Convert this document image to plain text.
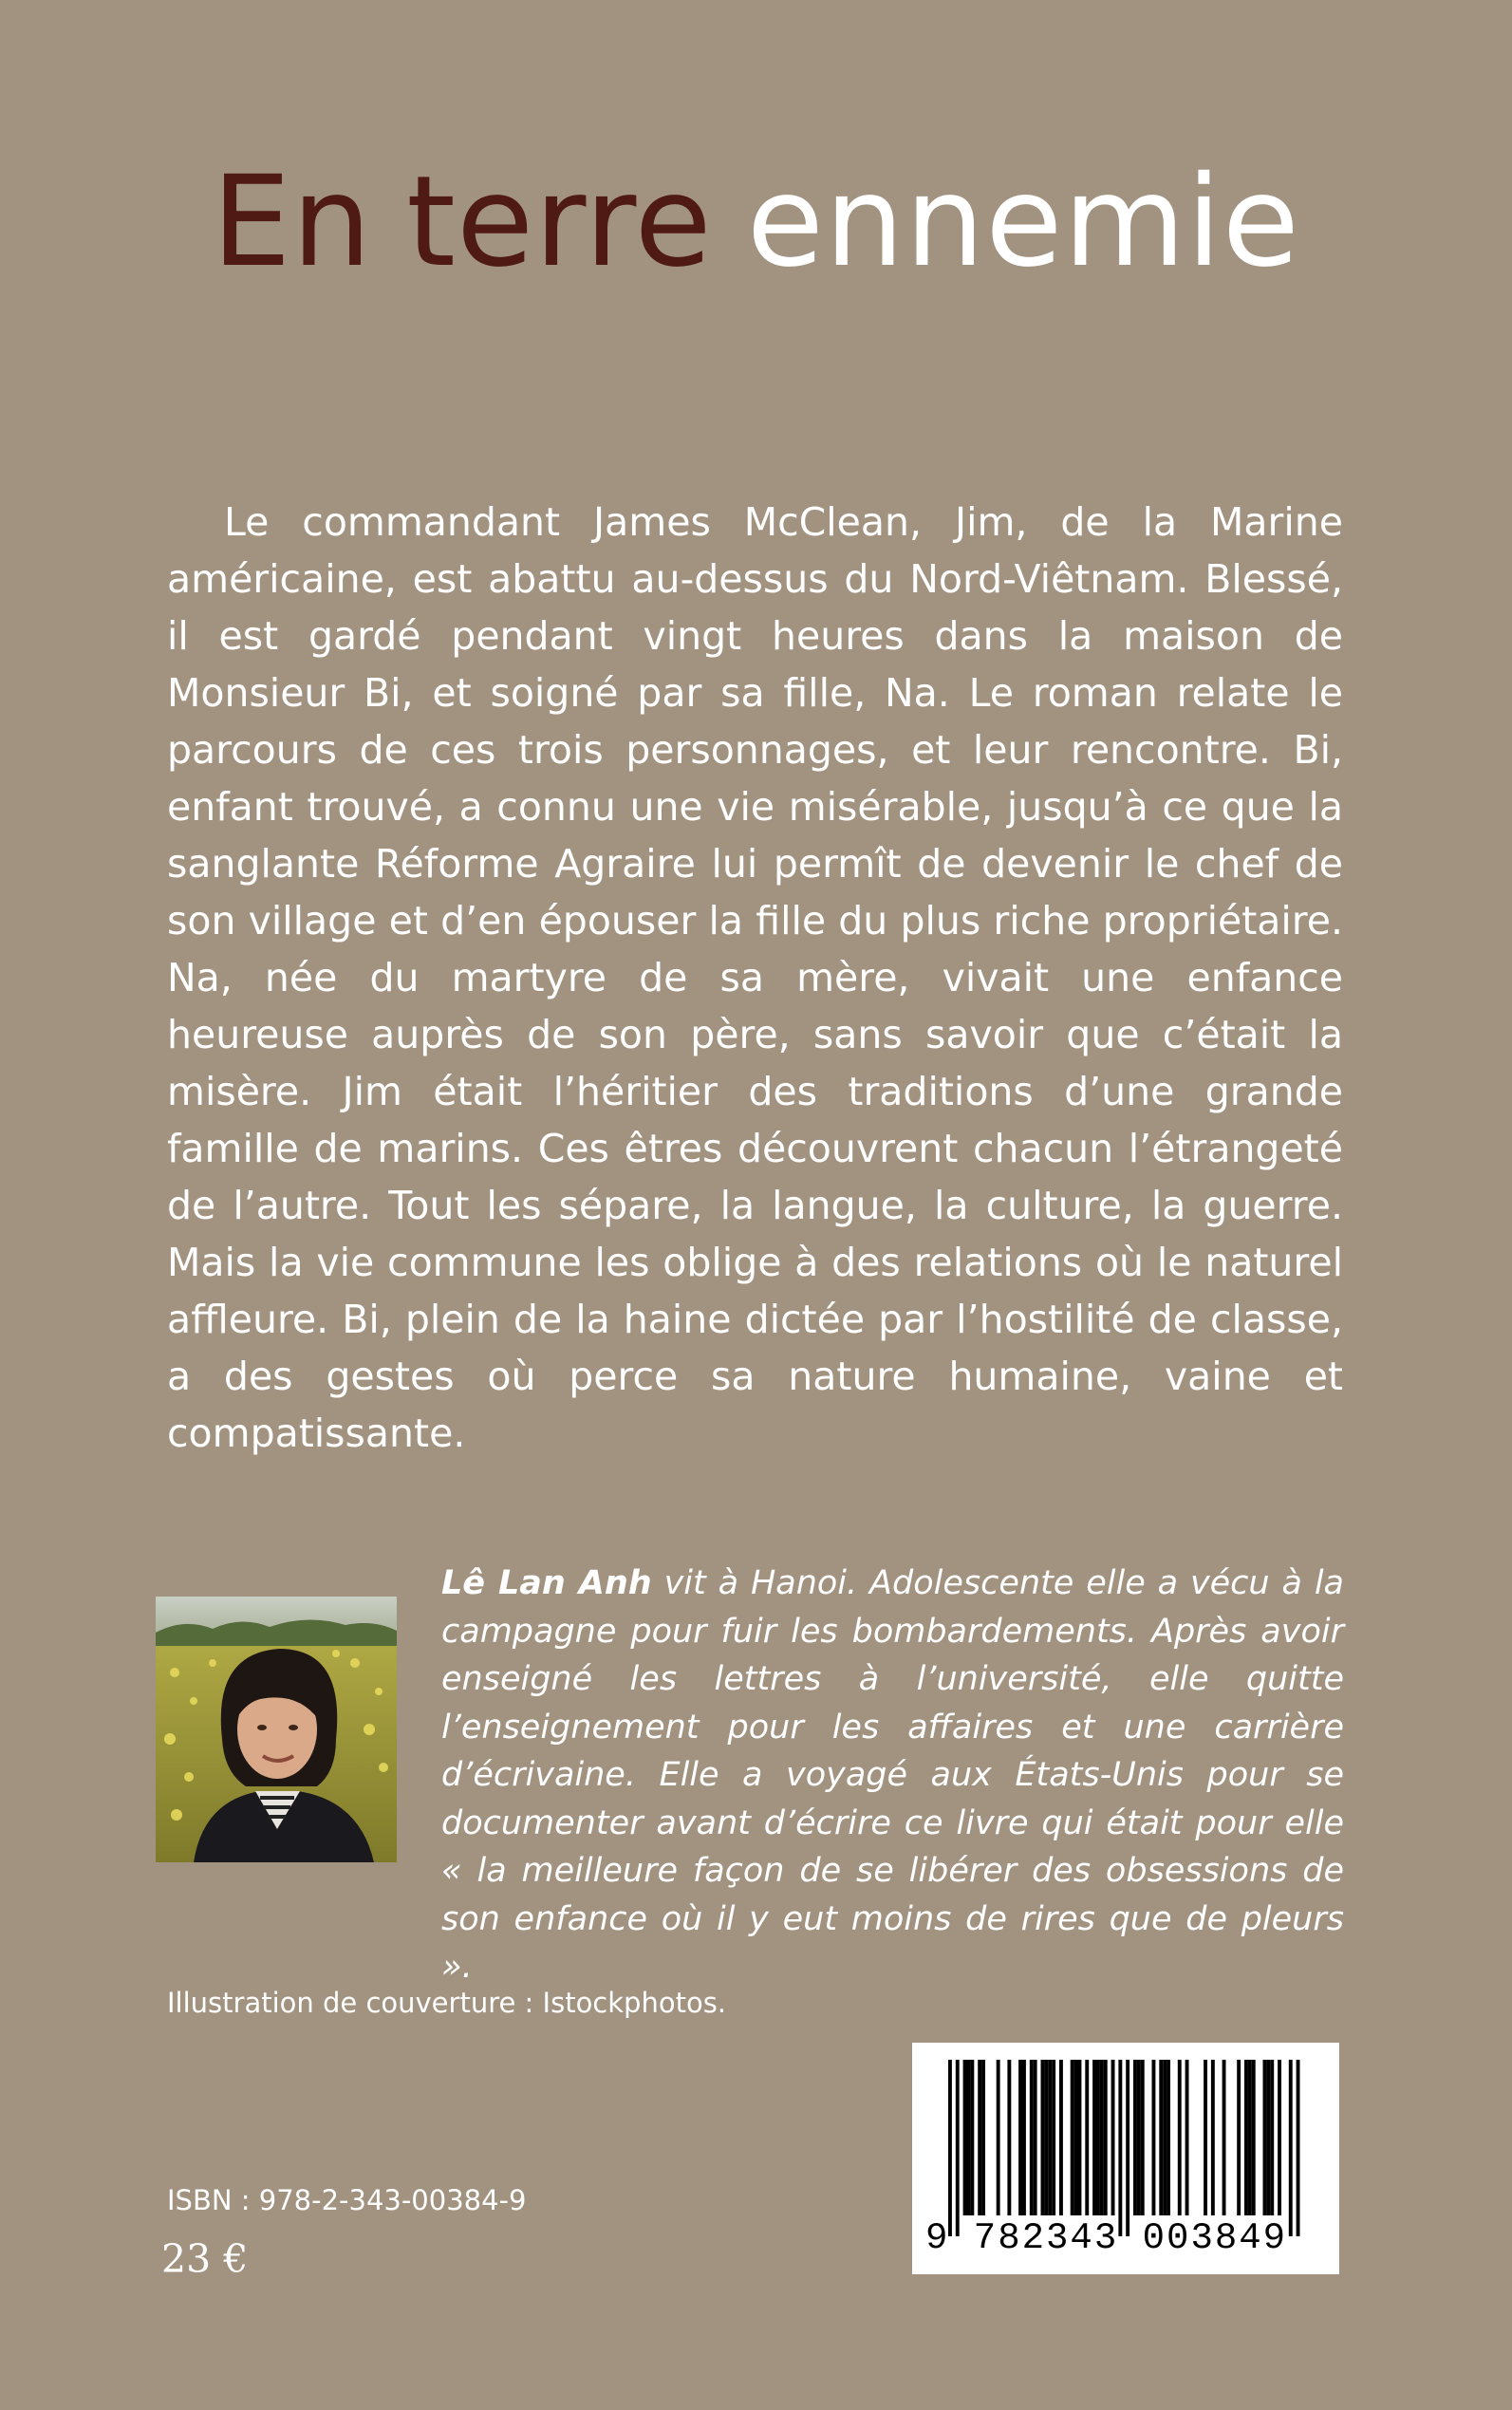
En terre ennemie

Le commandant James McClean, Jim, de la Marine américaine, est abattu au-dessus du Nord-Viêtnam. Blessé, il est gardé pendant vingt heures dans la maison de Monsieur Bi, et soigné par sa fille, Na. Le roman relate le parcours de ces trois personnages, et leur rencontre. Bi, enfant trouvé, a connu une vie misérable, jusqu’à ce que la sanglante Réforme Agraire lui permît de devenir le chef de son village et d’en épouser la fille du plus riche propriétaire. Na, née du martyre de sa mère, vivait une enfance heureuse auprès de son père, sans savoir que c’était la misère. Jim était l’héritier des traditions d’une grande famille de marins. Ces êtres découvrent chacun l’étrangeté de l’autre. Tout les sépare, la langue, la culture, la guerre. Mais la vie commune les oblige à des relations où le naturel affleure. Bi, plein de la haine dictée par l’hostilité de classe, a des gestes où perce sa nature humaine, vaine et compatissante.

Lê Lan Anh vit à Hanoi. Adolescente elle a vécu à la campagne pour fuir les bombardements. Après avoir enseigné les lettres à l’université, elle quitte l’enseignement pour les affaires et une carrière d’écrivaine. Elle a voyagé aux États-Unis pour se documenter avant d’écrire ce livre qui était pour elle « la meilleure façon de se libérer des obsessions de son enfance où il y eut moins de rires que de pleurs ».

Illustration de couverture : Istockphotos.

ISBN : 978-2-343-00384-9

23 €	9 782343 003849
